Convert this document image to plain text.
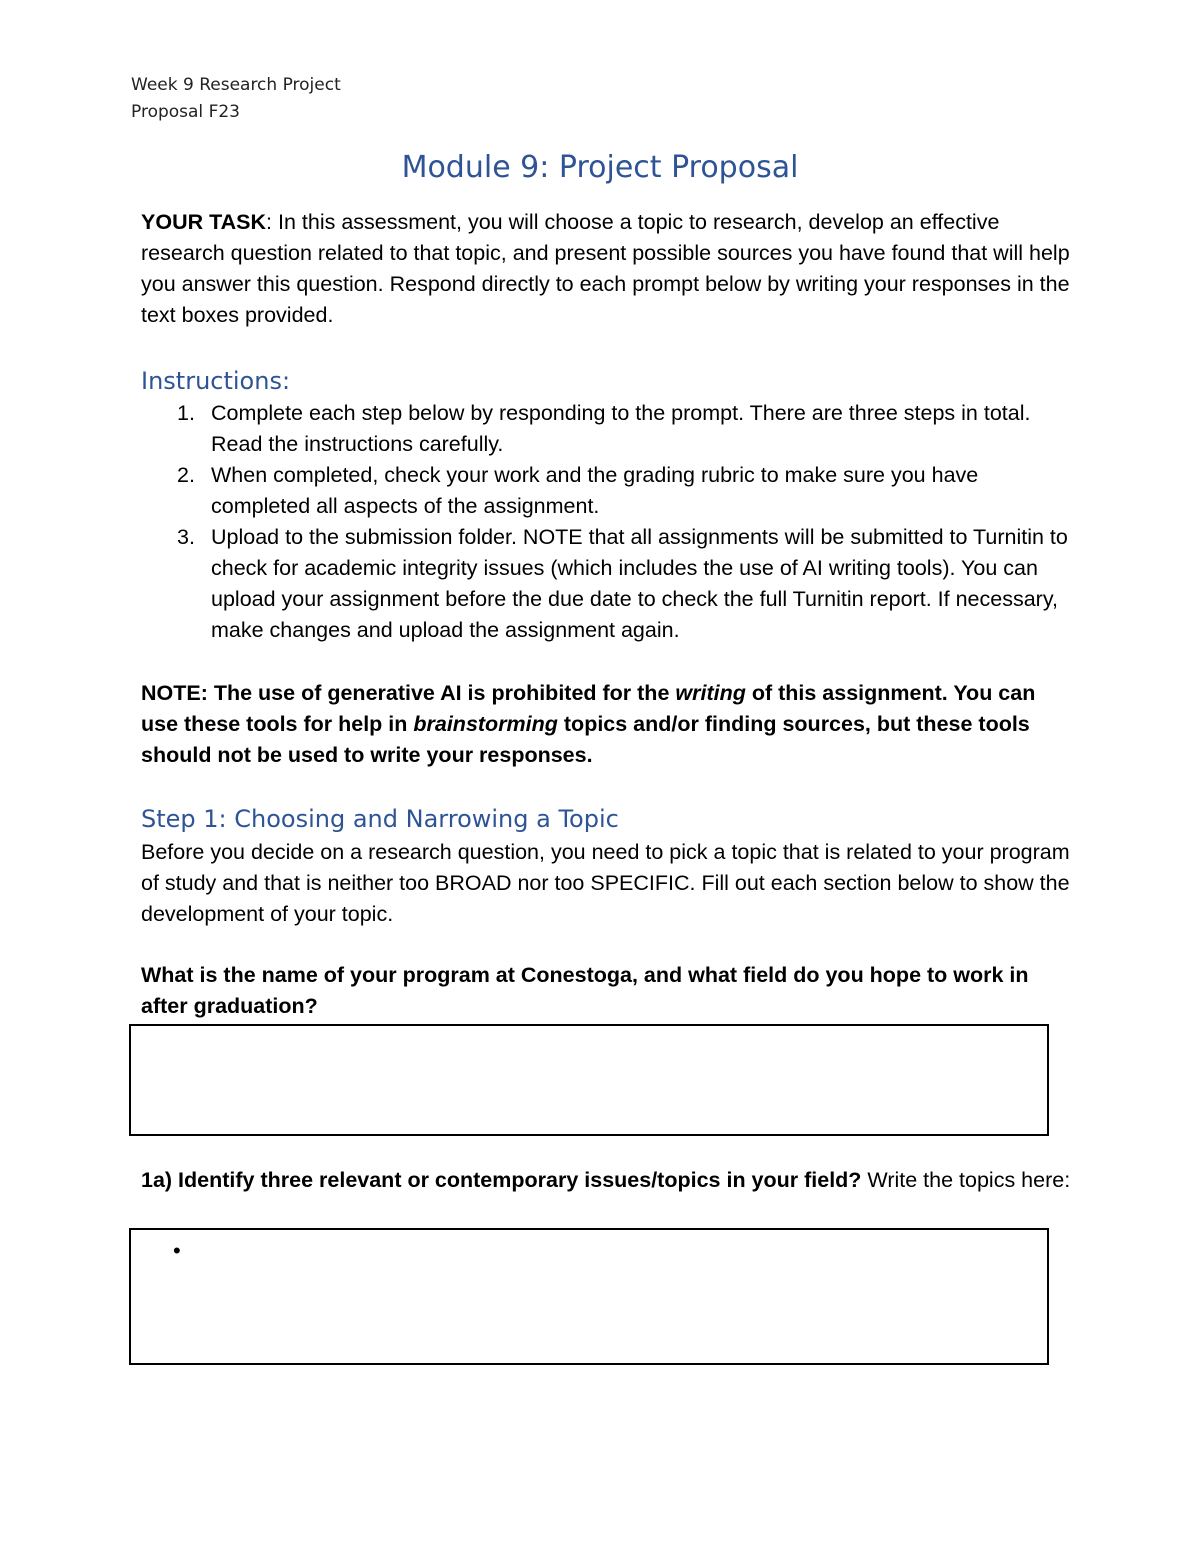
Week 9 Research Project
Proposal F23
Module 9: Project Proposal
YOUR TASK: In this assessment, you will choose a topic to research, develop an effective research question related to that topic, and present possible sources you have found that will help you answer this question. Respond directly to each prompt below by writing your responses in the text boxes provided.
Instructions:
1. Complete each step below by responding to the prompt. There are three steps in total. Read the instructions carefully.
2. When completed, check your work and the grading rubric to make sure you have completed all aspects of the assignment.
3. Upload to the submission folder. NOTE that all assignments will be submitted to Turnitin to check for academic integrity issues (which includes the use of AI writing tools). You can upload your assignment before the due date to check the full Turnitin report. If necessary, make changes and upload the assignment again.
NOTE: The use of generative AI is prohibited for the writing of this assignment. You can use these tools for help in brainstorming topics and/or finding sources, but these tools should not be used to write your responses.
Step 1: Choosing and Narrowing a Topic
Before you decide on a research question, you need to pick a topic that is related to your program of study and that is neither too BROAD nor too SPECIFIC. Fill out each section below to show the development of your topic.
What is the name of your program at Conestoga, and what field do you hope to work in after graduation?
1a) Identify three relevant or contemporary issues/topics in your field? Write the topics here:
•
